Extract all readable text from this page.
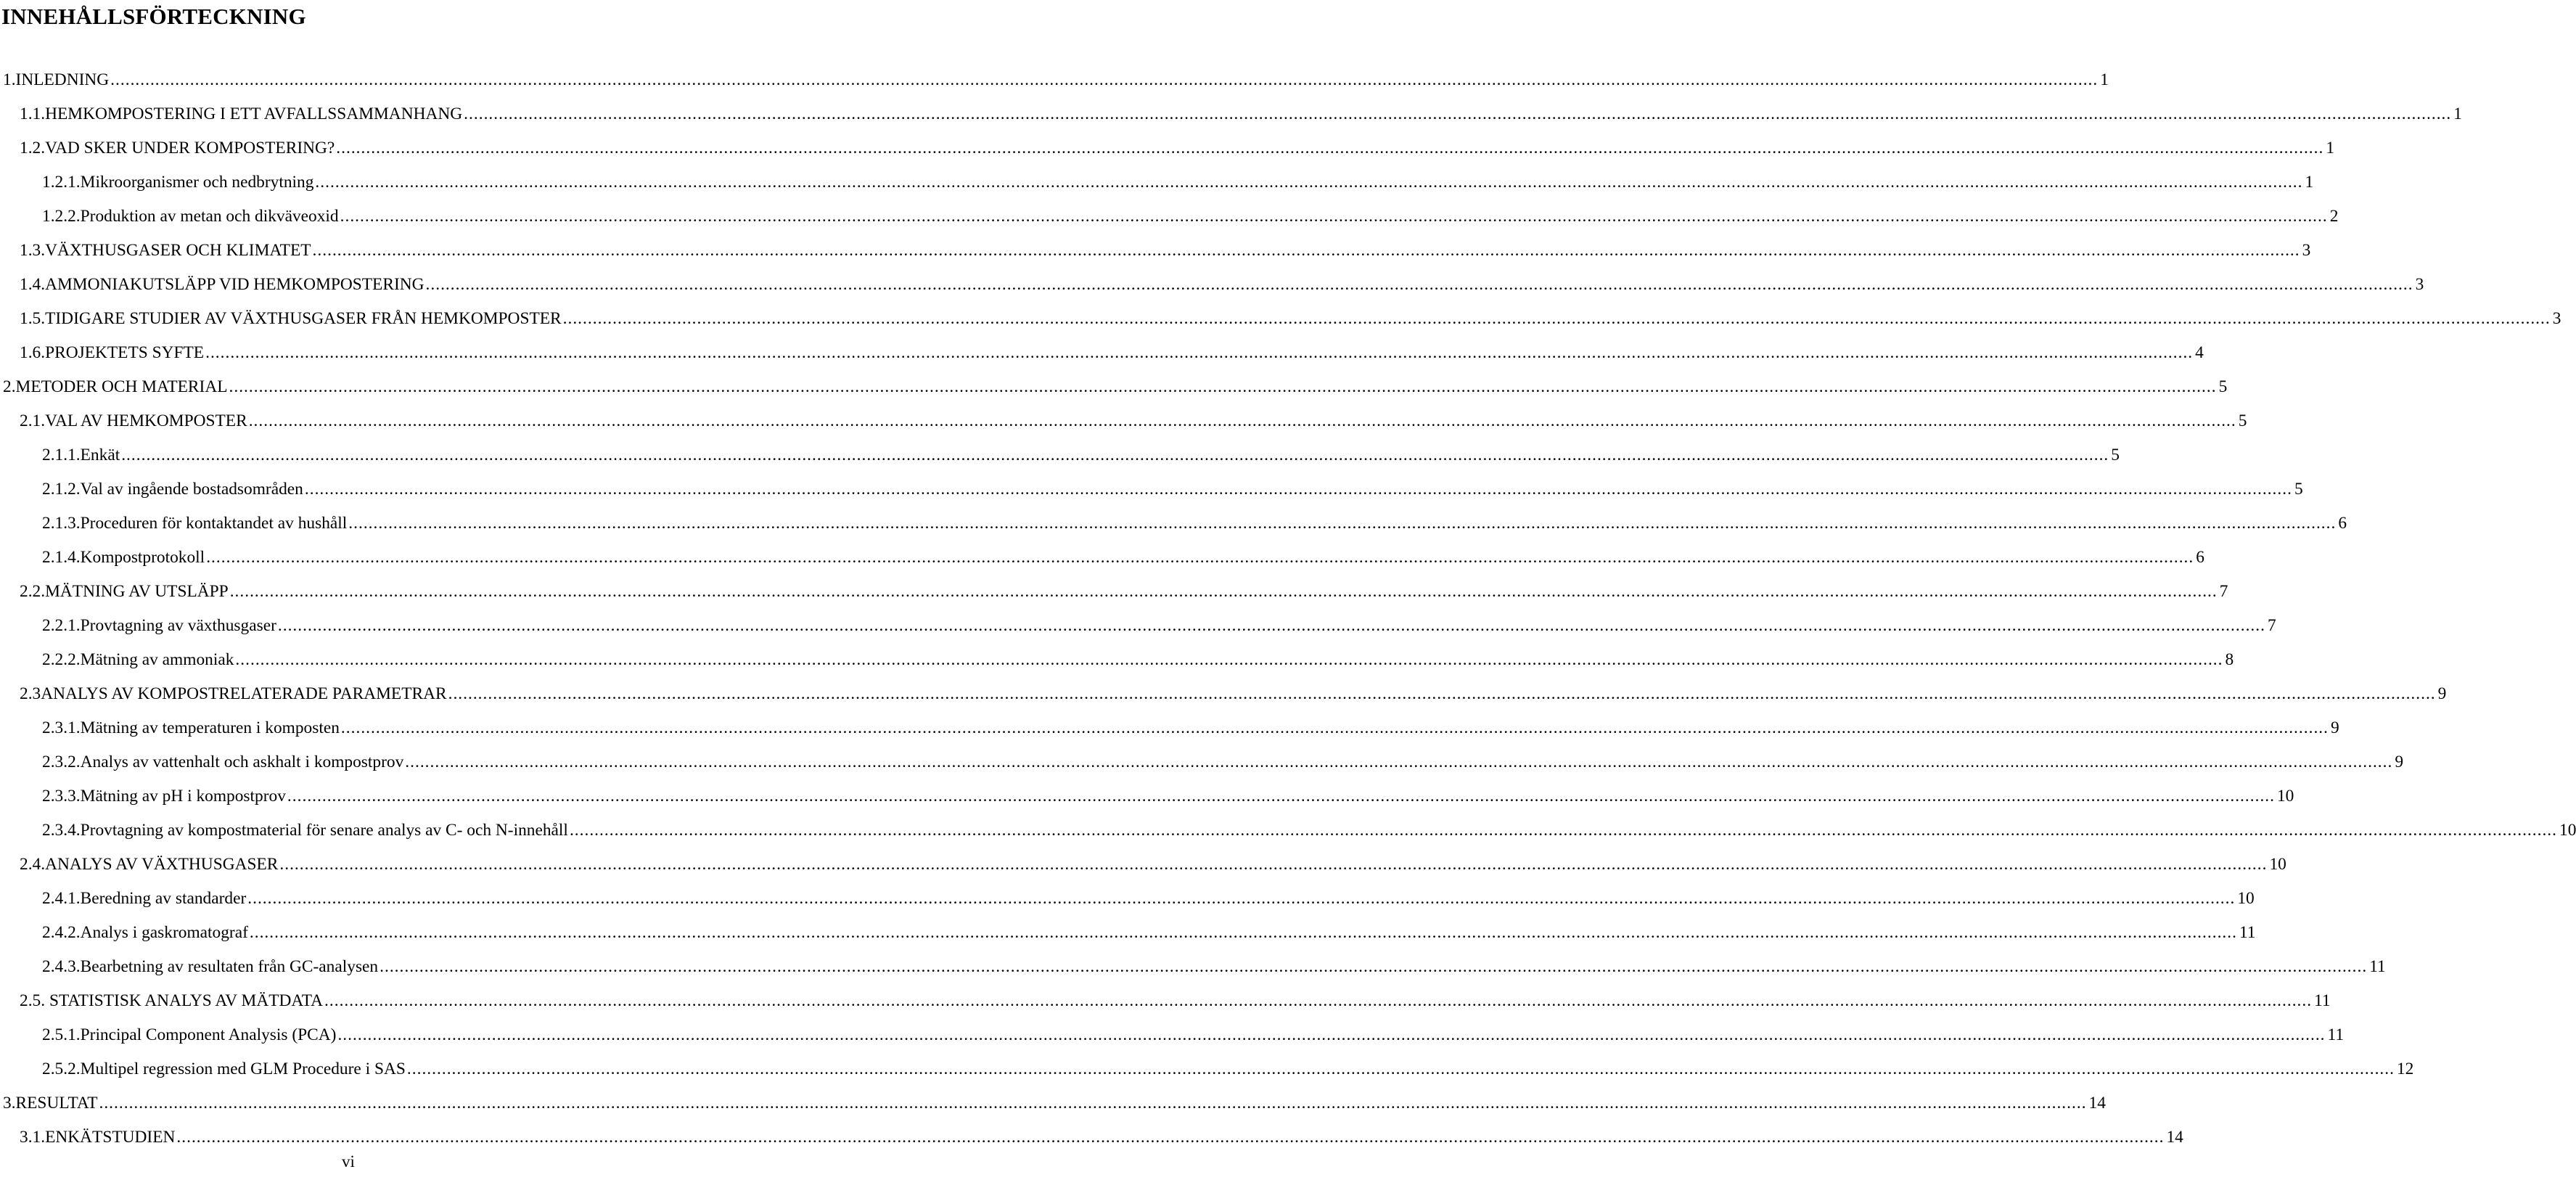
INNEHÅLLSFÖRTECKNING
1. INLEDNING ................................................................................................................................................................................................................................................................................................................................................................................................................ 1
1.1. HEMKOMPOSTERING I ETT AVFALLSSAMMANHANG ................................................................................................................................................................................................................................................................................................................................................................................................................ 1
1.2. VAD SKER UNDER KOMPOSTERING? ................................................................................................................................................................................................................................................................................................................................................................................................................ 1
1.2.1. Mikroorganismer och nedbrytning ................................................................................................................................................................................................................................................................................................................................................................................................................ 1
1.2.2. Produktion av metan och dikväveoxid ................................................................................................................................................................................................................................................................................................................................................................................................................ 2
1.3. VÄXTHUSGASER OCH KLIMATET ................................................................................................................................................................................................................................................................................................................................................................................................................ 3
1.4. AMMONIAKUTSLÄPP VID HEMKOMPOSTERING ................................................................................................................................................................................................................................................................................................................................................................................................................ 3
1.5. TIDIGARE STUDIER AV VÄXTHUSGASER FRÅN HEMKOMPOSTER ................................................................................................................................................................................................................................................................................................................................................................................................................ 3
1.6. PROJEKTETS SYFTE ................................................................................................................................................................................................................................................................................................................................................................................................................ 4
2. METODER OCH MATERIAL ................................................................................................................................................................................................................................................................................................................................................................................................................ 5
2.1. VAL AV HEMKOMPOSTER ................................................................................................................................................................................................................................................................................................................................................................................................................ 5
2.1.1. Enkät ................................................................................................................................................................................................................................................................................................................................................................................................................ 5
2.1.2. Val av ingående bostadsområden ................................................................................................................................................................................................................................................................................................................................................................................................................ 5
2.1.3. Proceduren för kontaktandet av hushåll ................................................................................................................................................................................................................................................................................................................................................................................................................ 6
2.1.4. Kompostprotokoll ................................................................................................................................................................................................................................................................................................................................................................................................................ 6
2.2. MÄTNING AV UTSLÄPP ................................................................................................................................................................................................................................................................................................................................................................................................................ 7
2.2.1. Provtagning av växthusgaser ................................................................................................................................................................................................................................................................................................................................................................................................................ 7
2.2.2. Mätning av ammoniak ................................................................................................................................................................................................................................................................................................................................................................................................................ 8
2.3 ANALYS AV KOMPOSTRELATERADE PARAMETRAR ................................................................................................................................................................................................................................................................................................................................................................................................................ 9
2.3.1. Mätning av temperaturen i komposten ................................................................................................................................................................................................................................................................................................................................................................................................................ 9
2.3.2. Analys av vattenhalt och askhalt i kompostprov ................................................................................................................................................................................................................................................................................................................................................................................................................ 9
2.3.3. Mätning av pH i kompostprov ................................................................................................................................................................................................................................................................................................................................................................................................................ 10
2.3.4. Provtagning av kompostmaterial för senare analys av C- och N-innehåll ................................................................................................................................................................................................................................................................................................................................................................................................................ 10
2.4. ANALYS AV VÄXTHUSGASER ................................................................................................................................................................................................................................................................................................................................................................................................................ 10
2.4.1. Beredning av standarder ................................................................................................................................................................................................................................................................................................................................................................................................................ 10
2.4.2. Analys i gaskromatograf ................................................................................................................................................................................................................................................................................................................................................................................................................ 11
2.4.3. Bearbetning av resultaten från GC-analysen ................................................................................................................................................................................................................................................................................................................................................................................................................ 11
2.5. STATISTISK ANALYS AV MÄTDATA ................................................................................................................................................................................................................................................................................................................................................................................................................ 11
2.5.1. Principal Component Analysis (PCA) ................................................................................................................................................................................................................................................................................................................................................................................................................ 11
2.5.2. Multipel regression med GLM Procedure i SAS ................................................................................................................................................................................................................................................................................................................................................................................................................ 12
3. RESULTAT ................................................................................................................................................................................................................................................................................................................................................................................................................ 14
3.1. ENKÄTSTUDIEN ................................................................................................................................................................................................................................................................................................................................................................................................................ 14
vi
